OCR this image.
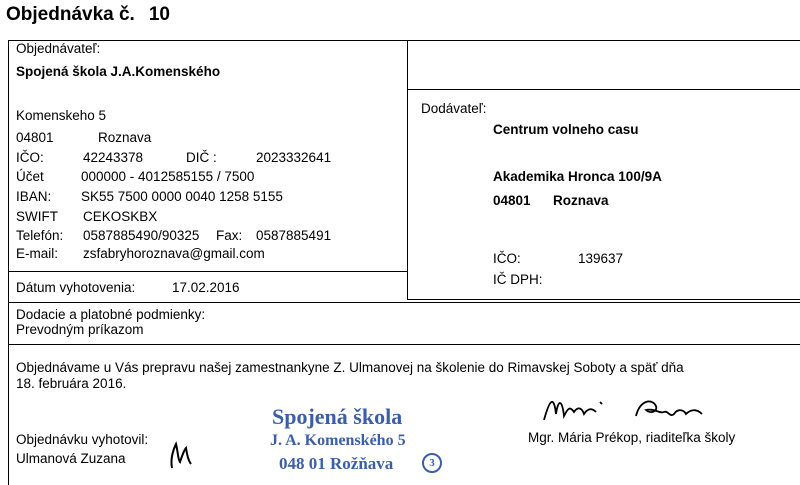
Objednávka č. 10
Objednávateľ:
Spojená škola J.A.Komenského
Komenskeho 5
04801	Roznava
IČO:	42243378	DIČ :	2023332641
Účet	000000 - 4012585155 / 7500
IBAN: SK55 7500 0000 0040 1258 5155
SWIFT CEKOSKBX
Telefón: 0587885490/90325 Fax: 0587885491
E-mail: zsfabryhoroznava@gmail.com
Dátum vyhotovenia:	17.02.2016
Dodávateľ:
Centrum volneho casu
Akademika Hronca 100/9A
04801 Roznava
IČO:	139637
IČ DPH:
Dodacie a platobné podmienky:
Prevodným príkazom
Objednávame u Vás prepravu našej zamestnankyne Z. Ulmanovej na školenie do Rimavskej Soboty a späť dňa
18. februára 2016.
Objednávku vyhotovil:
Ulmanová Zuzana
Spojená škola
J. A. Komenského 5
048 01 Rožňava	3
Mgr. Mária Prékop, riaditeľka školy
